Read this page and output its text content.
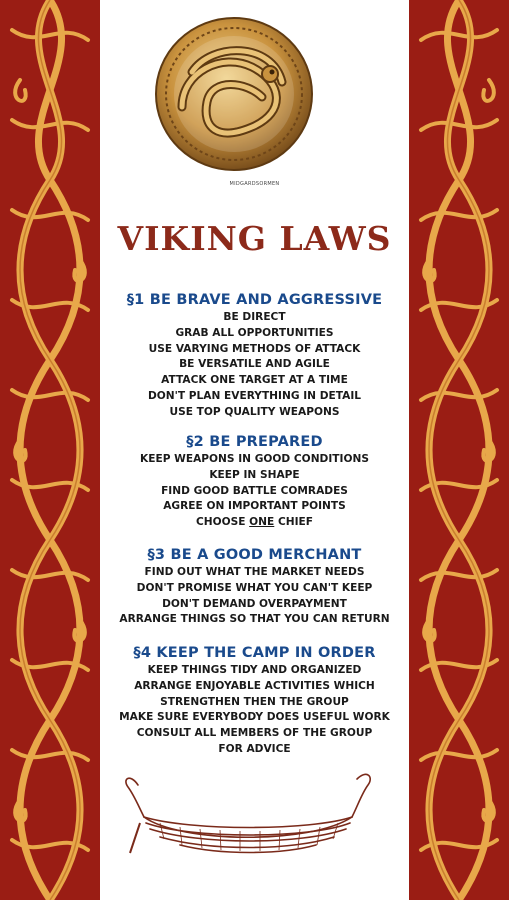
MIDGARDSORMEN
VIKING LAWS
§1 BE BRAVE AND AGGRESSIVE
BE DIRECT
GRAB ALL OPPORTUNITIES
USE VARYING METHODS OF ATTACK
BE VERSATILE AND AGILE
ATTACK ONE TARGET AT A TIME
DON'T PLAN EVERYTHING IN DETAIL
USE TOP QUALITY WEAPONS
§2 BE PREPARED
KEEP WEAPONS IN GOOD CONDITIONS
KEEP IN SHAPE
FIND GOOD BATTLE COMRADES
AGREE ON IMPORTANT POINTS
CHOOSE ONE CHIEF
§3 BE A GOOD MERCHANT
FIND OUT WHAT THE MARKET NEEDS
DON'T PROMISE WHAT YOU CAN'T KEEP
DON'T DEMAND OVERPAYMENT
ARRANGE THINGS SO THAT YOU CAN RETURN
§4 KEEP THE CAMP IN ORDER
KEEP THINGS TIDY AND ORGANIZED
ARRANGE ENJOYABLE ACTIVITIES WHICH
STRENGTHEN THEN THE GROUP
MAKE SURE EVERYBODY DOES USEFUL WORK
CONSULT ALL MEMBERS OF THE GROUP
FOR ADVICE
